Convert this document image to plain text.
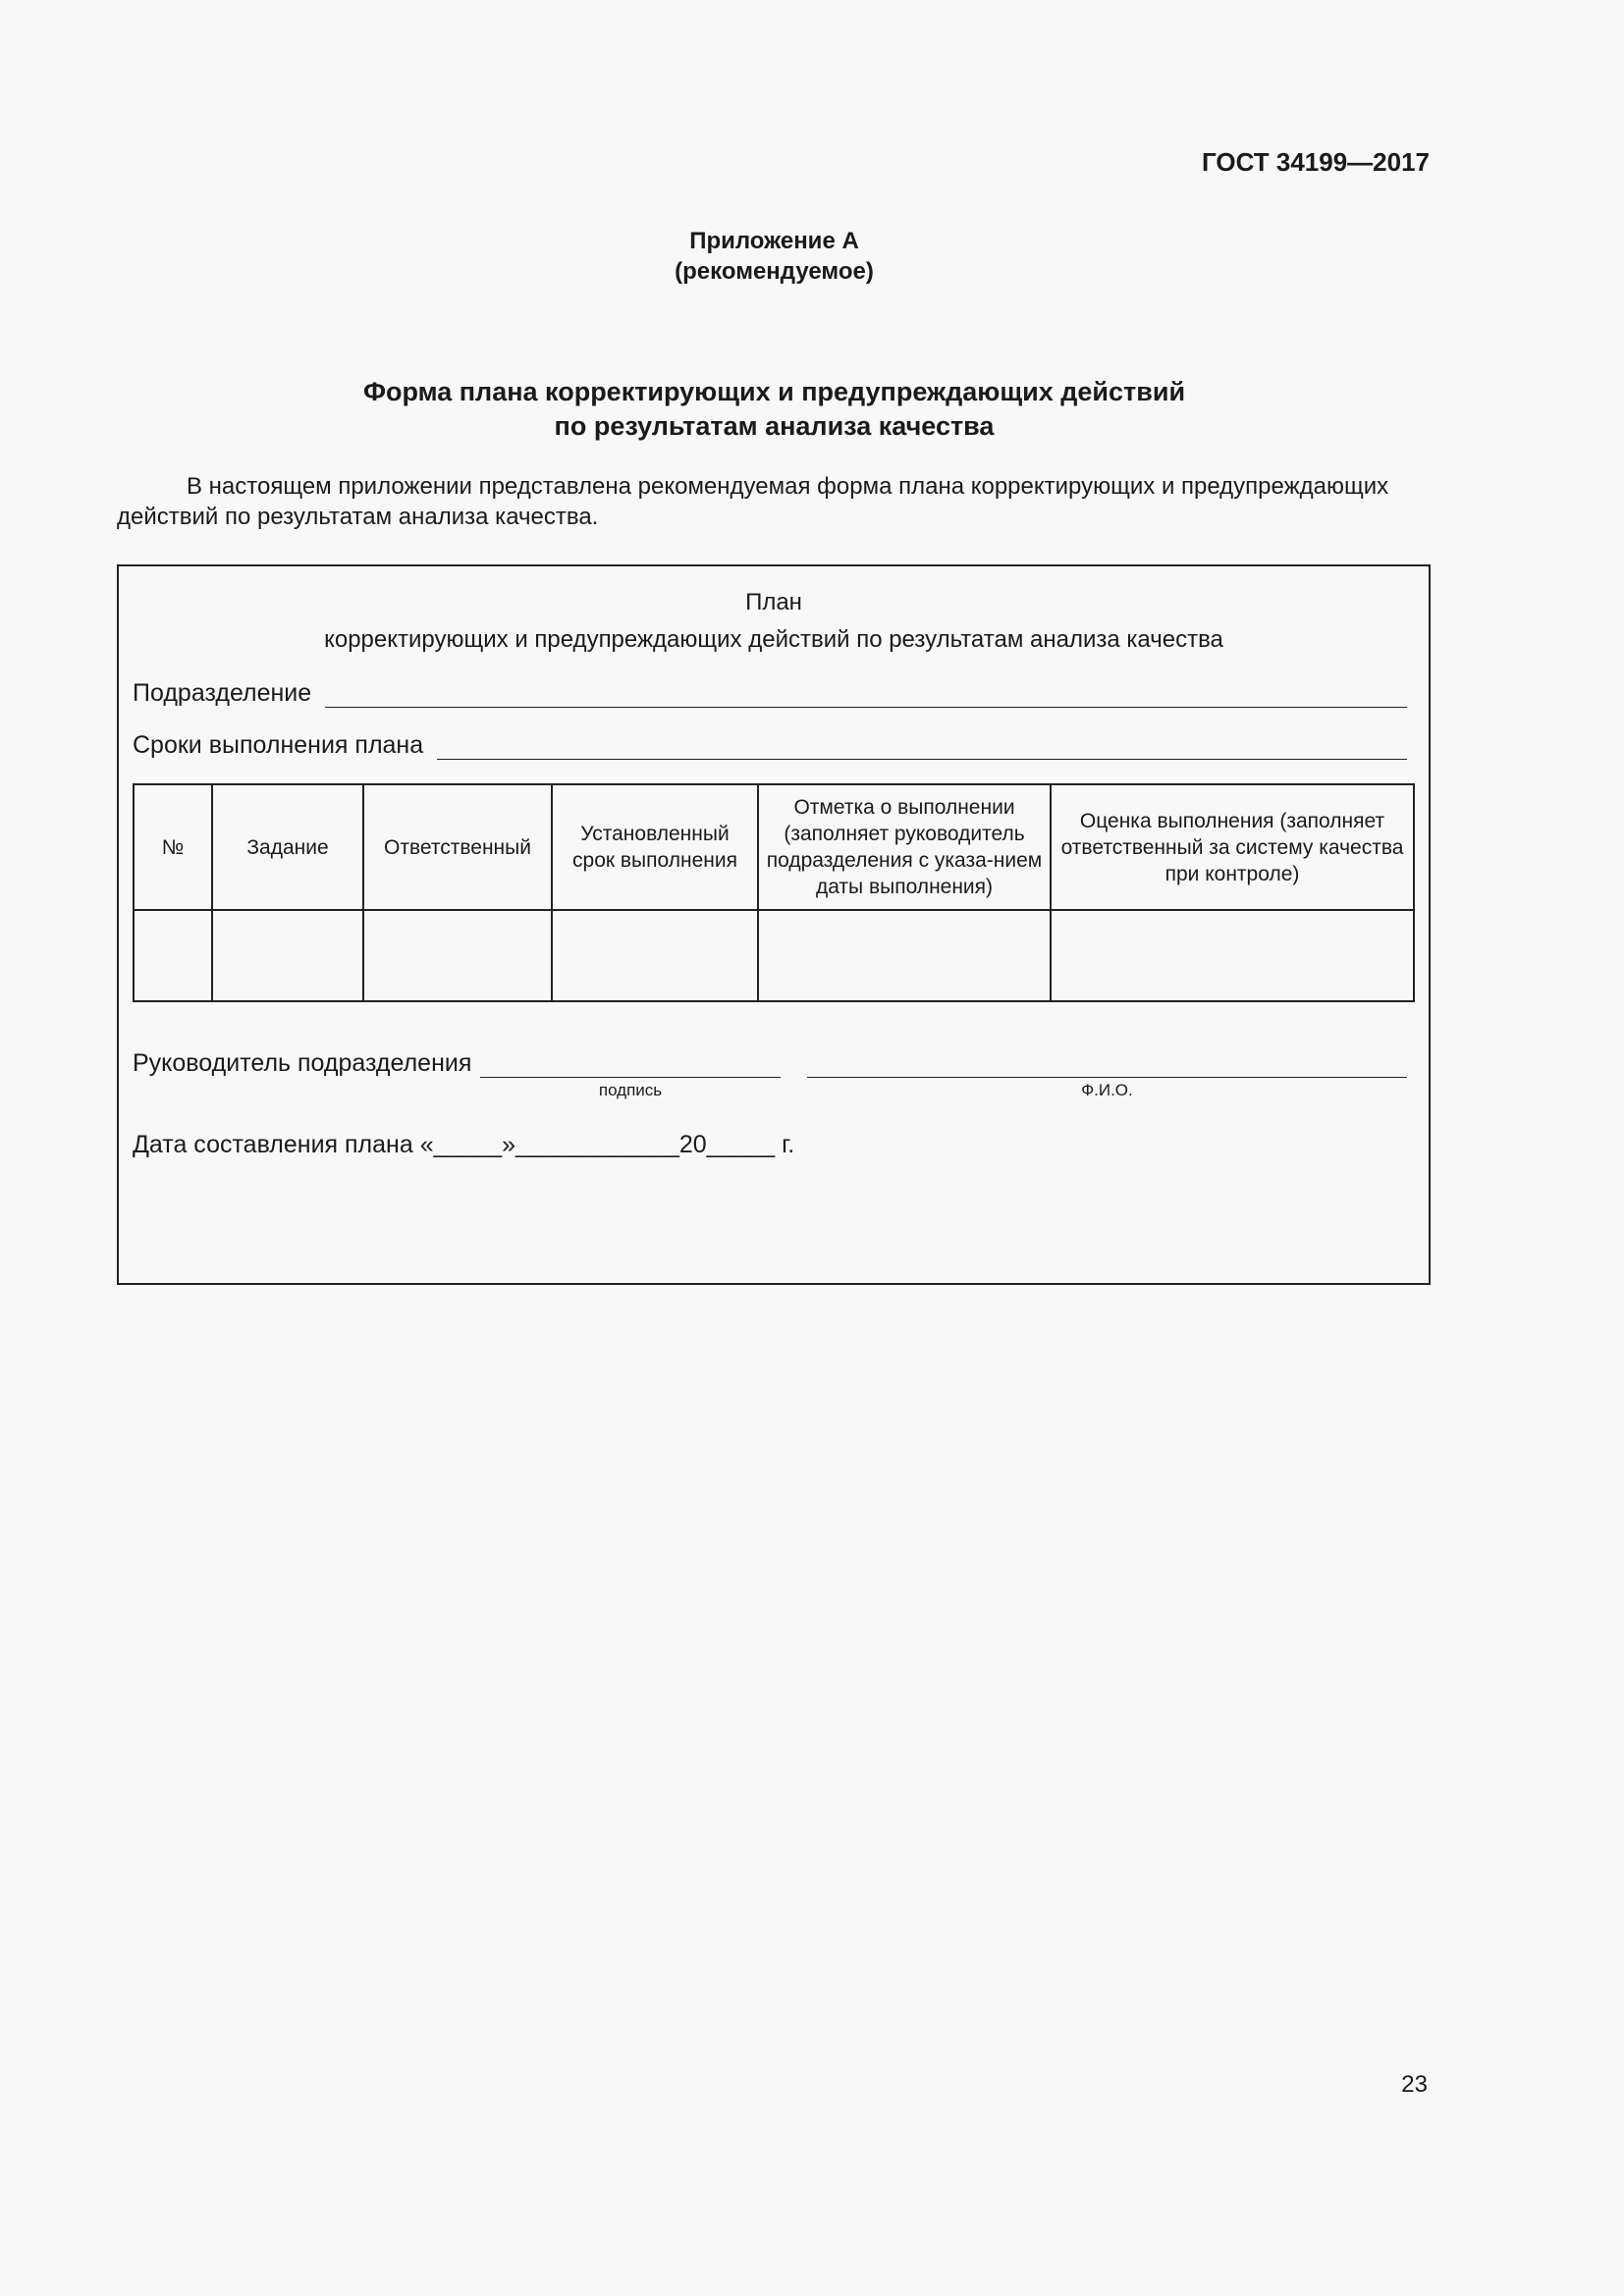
ГОСТ 34199—2017
Приложение А
(рекомендуемое)
Форма плана корректирующих и предупреждающих действий
по результатам анализа качества
В настоящем приложении представлена рекомендуемая форма плана корректирующих и предупреждающих действий по результатам анализа качества.
План
корректирующих и предупреждающих действий по результатам анализа качества
Подразделение
Сроки выполнения плана
№	Задание	Ответственный	Установленный срок выполнения	Отметка о выполнении (заполняет руководитель подразделения с указа-нием даты выполнения)	Оценка выполнения (заполняет ответственный за систему качества при контроле)

Руководитель подразделения
подпись	Ф.И.О.
Дата составления плана «_____»____________20_____ г.
23
